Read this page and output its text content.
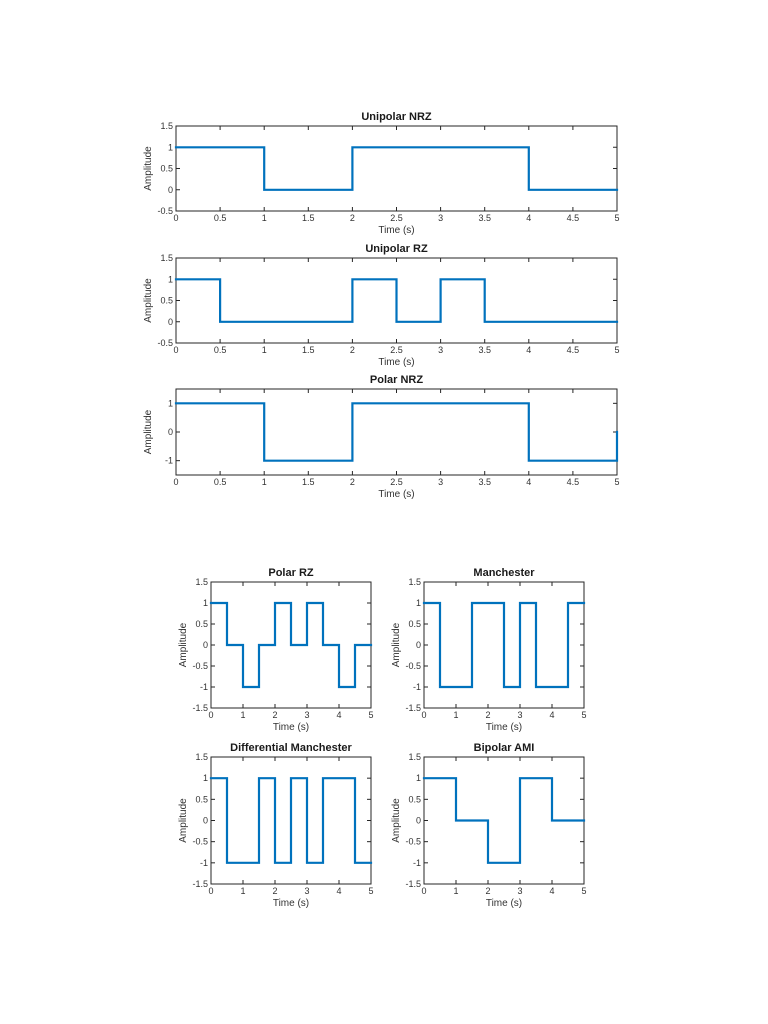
0	0.5	1	1.5	2	2.5	3	3.5	4	4.5	5
-0.5
0
0.5
1
1.5
Unipolar NRZ
Time (s)
Amplitude
0	0.5	1	1.5	2	2.5	3	3.5	4	4.5	5
-0.5
0
0.5
1
1.5
Unipolar RZ
Time (s)
Amplitude
0	0.5	1	1.5	2	2.5	3	3.5	4	4.5	5
-1
0
1
Polar NRZ
Time (s)
Amplitude
0	1	2	3	4	5
-1.5
-1
-0.5
0
0.5
1
1.5
Polar RZ
Time (s)
Amplitude
0	1	2	3	4	5
-1.5
-1
-0.5
0
0.5
1
1.5
Manchester
Time (s)
Amplitude
0	1	2	3	4	5
-1.5
-1
-0.5
0
0.5
1
1.5
Differential Manchester
Time (s)
Amplitude
0	1	2	3	4	5
-1.5
-1
-0.5
0
0.5
1
1.5
Bipolar AMI
Time (s)
Amplitude
